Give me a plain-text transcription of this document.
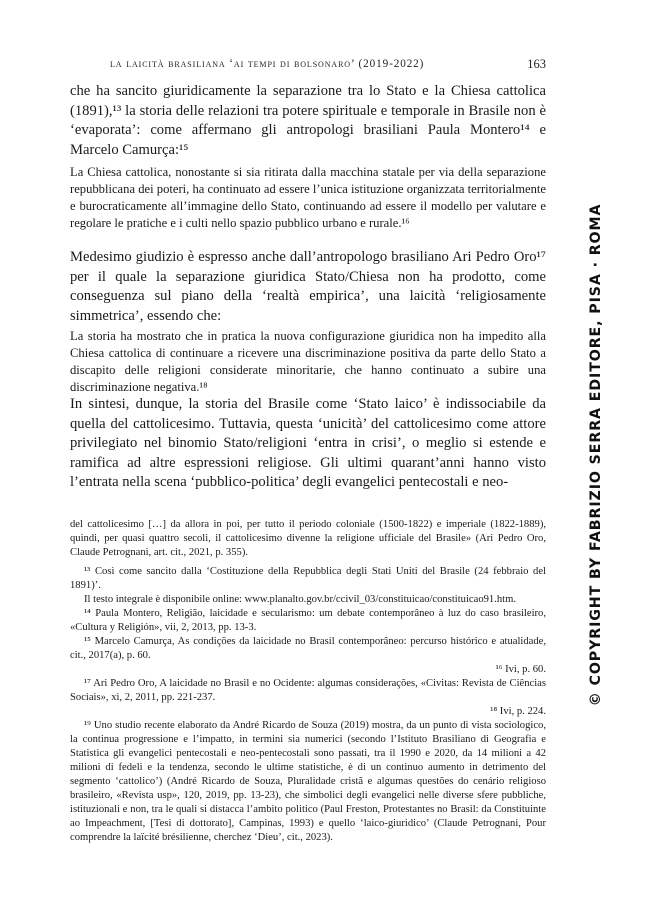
la laicità brasiliana ‘ai tempi di bolsonaro’ (2019-2022)	163
che ha sancito giuridicamente la separazione tra lo Stato e la Chiesa cattolica (1891),¹³ la storia delle relazioni tra potere spirituale e temporale in Brasile non è ‘evaporata’: come affermano gli antropologi brasiliani Paula Montero¹⁴ e Marcelo Camurça:¹⁵
La Chiesa cattolica, nonostante si sia ritirata dalla macchina statale per via della separazione repubblicana dei poteri, ha continuato ad essere l’unica istituzione organizzata territorialmente e burocraticamente all’immagine dello Stato, continuando ad essere il modello per valutare e regolare le pratiche e i culti nello spazio pubblico urbano e rurale.¹⁶
Medesimo giudizio è espresso anche dall’antropologo brasiliano Ari Pedro Oro¹⁷ per il quale la separazione giuridica Stato/Chiesa non ha prodotto, come conseguenza sul piano della ‘realtà empirica’, una laicità ‘religiosamente simmetrica’, essendo che:
La storia ha mostrato che in pratica la nuova configurazione giuridica non ha impedito alla Chiesa cattolica di continuare a ricevere una discriminazione positiva da parte dello Stato a discapito delle religioni considerate minoritarie, che hanno continuato a subire una discriminazione negativa.¹⁸
In sintesi, dunque, la storia del Brasile come ‘Stato laico’ è indissociabile da quella del cattolicesimo. Tuttavia, questa ‘unicità’ del cattolicesimo come attore privilegiato nel binomio Stato/religioni ‘entra in crisi’, o meglio si estende e ramifica ad altre espressioni religiose. Gli ultimi quarant’anni hanno visto l’entrata nella scena ‘pubblico-politica’ degli evangelici pentecostali e neo-

del cattolicesimo […] da allora in poi, per tutto il periodo coloniale (1500-1822) e imperiale (1822-1889), quindi, per quasi quattro secoli, il cattolicesimo divenne la religione ufficiale del Brasile» (Ari Pedro Oro, Claude Petrognani, art. cit., 2021, p. 355).

¹³ Così come sancito dalla ‘Costituzione della Repubblica degli Stati Uniti del Brasile (24 febbraio del 1891)’.

Il testo integrale è disponibile online: www.planalto.gov.br/ccivil_03/constituicao/constituicao91.htm.

¹⁴ Paula Montero, Religião, laicidade e secularismo: um debate contemporâneo à luz do caso brasileiro, «Cultura y Religión», vii, 2, 2013, pp. 13-3.

¹⁵ Marcelo Camurça, As condições da laicidade no Brasil contemporâneo: percurso histórico e atualidade, cit., 2017(a), p. 60.

¹⁶ Ivi, p. 60.

¹⁷ Ari Pedro Oro, A laicidade no Brasil e no Ocidente: algumas considerações, «Civitas: Revista de Ciências Sociais», xi, 2, 2011, pp. 221-237.

¹⁸ Ivi, p. 224.

¹⁹ Uno studio recente elaborato da André Ricardo de Souza (2019) mostra, da un punto di vista sociologico, la continua progressione e l’impatto, in termini sia numerici (secondo l’Istituto Brasiliano di Geografia e Statistica gli evangelici pentecostali e neo-pentecostali sono passati, tra il 1990 e 2020, da 14 milioni a 42 milioni di fedeli e la tendenza, secondo le ultime statistiche, è di un continuo aumento in detrimento del segmento ‘cattolico’) (André Ricardo de Souza, Pluralidade cristã e algumas questões do cenário religioso brasileiro, «Revista usp», 120, 2019, pp. 13-23), che simbolici degli evangelici nelle diverse sfere pubbliche, istituzionali e non, tra le quali si distacca l’ambito politico (Paul Freston, Protestantes no Brasil: da Constituinte ao Impeachment, [Tesi di dottorato], Campinas, 1993) e quello ‘laico-giuridico’ (Claude Petrognani, Pour comprendre la laïcité brésilienne, cherchez ‘Dieu’, cit., 2023).

© COPYRIGHT BY FABRIZIO SERRA EDITORE, PISA · ROMA
